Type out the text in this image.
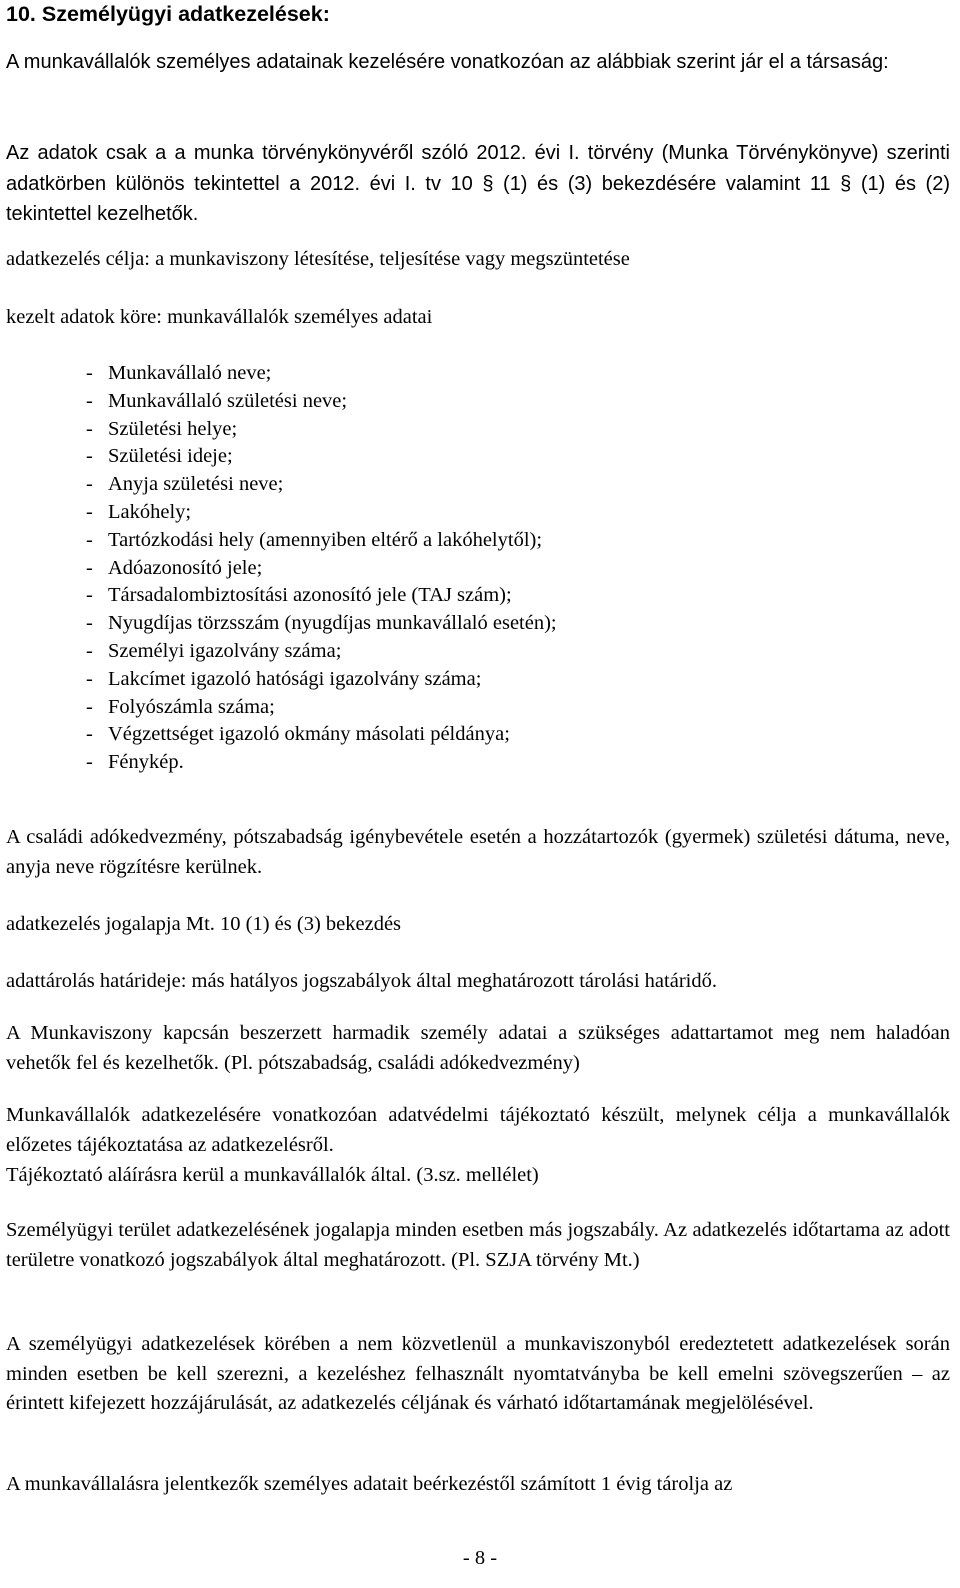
10. Személyügyi adatkezelések:

A munkavállalók személyes adatainak kezelésére vonatkozóan az alábbiak szerint jár el a társaság:

Az adatok csak a a munka törvénykönyvéről szóló 2012. évi I. törvény (Munka Törvénykönyve) szerinti adatkörben különös tekintettel a 2012. évi I. tv 10 § (1) és (3) bekezdésére valamint 11 § (1) és (2) tekintettel kezelhetők.

adatkezelés célja: a munkaviszony létesítése, teljesítése vagy megszüntetése

kezelt adatok köre: munkavállalók személyes adatai

- Munkavállaló neve;
- Munkavállaló születési neve;
- Születési helye;
- Születési ideje;
- Anyja születési neve;
- Lakóhely;
- Tartózkodási hely (amennyiben eltérő a lakóhelytől);
- Adóazonosító jele;
- Társadalombiztosítási azonosító jele (TAJ szám);
- Nyugdíjas törzsszám (nyugdíjas munkavállaló esetén);
- Személyi igazolvány száma;
- Lakcímet igazoló hatósági igazolvány száma;
- Folyószámla száma;
- Végzettséget igazoló okmány másolati példánya;
- Fénykép.

A családi adókedvezmény, pótszabadság igénybevétele esetén a hozzátartozók (gyermek) születési dátuma, neve, anyja neve rögzítésre kerülnek.

adatkezelés jogalapja Mt. 10 (1) és (3) bekezdés

adattárolás határideje: más hatályos jogszabályok által meghatározott tárolási határidő.

A Munkaviszony kapcsán beszerzett harmadik személy adatai a szükséges adattartamot meg nem haladóan vehetők fel és kezelhetők. (Pl. pótszabadság, családi adókedvezmény)

Munkavállalók adatkezelésére vonatkozóan adatvédelmi tájékoztató készült, melynek célja a munkavállalók előzetes tájékoztatása az adatkezelésről.

Tájékoztató aláírásra kerül a munkavállalók által. (3.sz. mellélet)

Személyügyi terület adatkezelésének jogalapja minden esetben más jogszabály. Az adatkezelés időtartama az adott területre vonatkozó jogszabályok által meghatározott. (Pl. SZJA törvény Mt.)

A személyügyi adatkezelések körében a nem közvetlenül a munkaviszonyból eredeztetett adatkezelések során minden esetben be kell szerezni, a kezeléshez felhasznált nyomtatványba be kell emelni szövegszerűen – az érintett kifejezett hozzájárulását, az adatkezelés céljának és várható időtartamának megjelölésével.

A munkavállalásra jelentkezők személyes adatait beérkezéstől számított 1 évig tárolja az

- 8 -
